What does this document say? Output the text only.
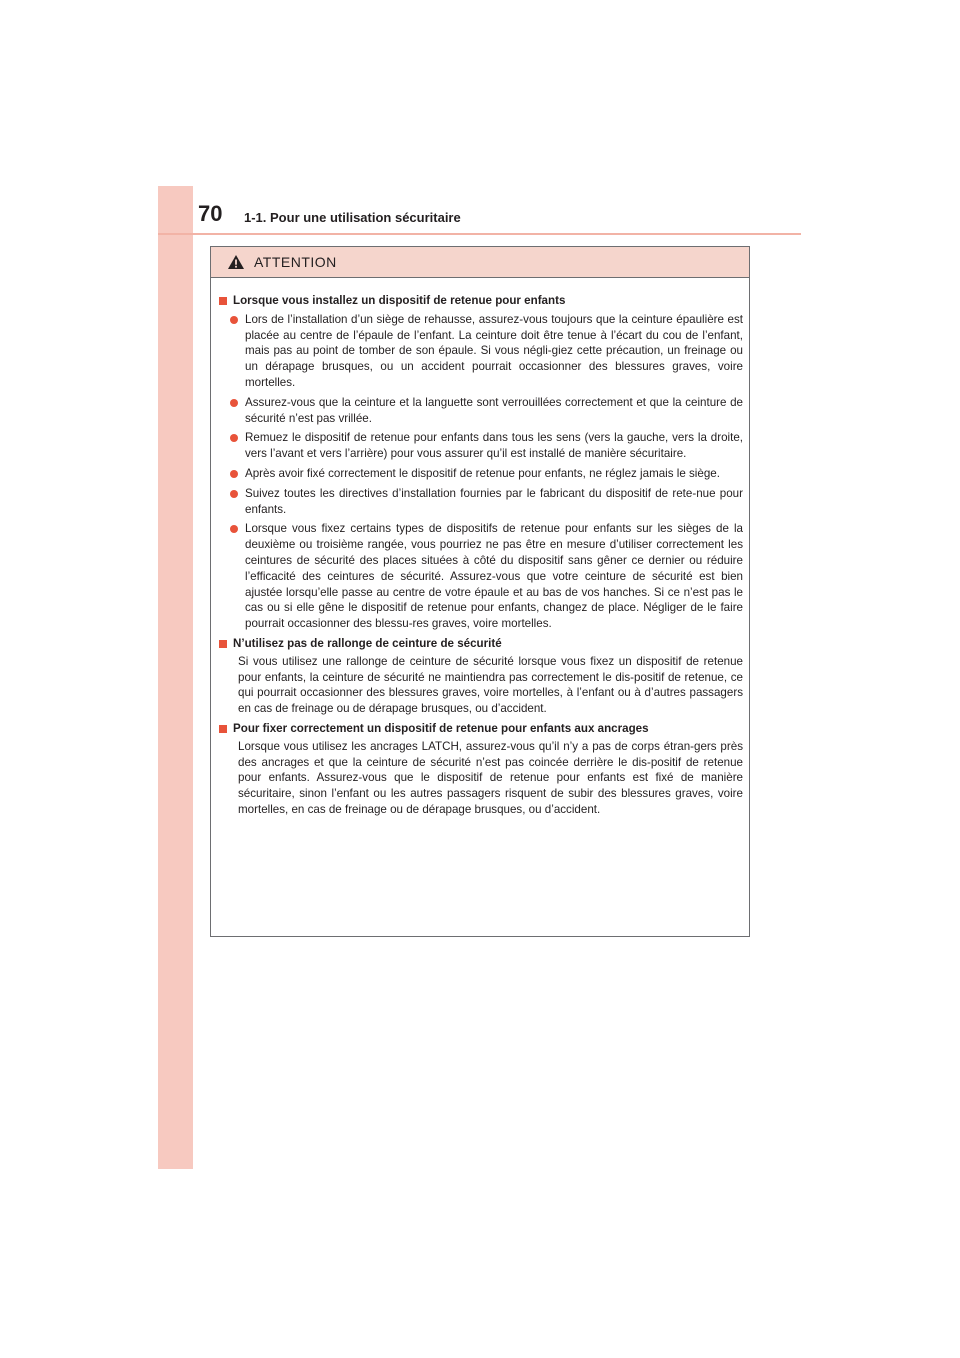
70 1-1. Pour une utilisation sécuritaire
ATTENTION
Lorsque vous installez un dispositif de retenue pour enfants
Lors de l’installation d’un siège de rehausse, assurez-vous toujours que la ceinture épaulière est placée au centre de l’épaule de l’enfant. La ceinture doit être tenue à l’écart du cou de l’enfant, mais pas au point de tomber de son épaule. Si vous négli-giez cette précaution, un freinage ou un dérapage brusques, ou un accident pourrait occasionner des blessures graves, voire mortelles.
Assurez-vous que la ceinture et la languette sont verrouillées correctement et que la ceinture de sécurité n’est pas vrillée.
Remuez le dispositif de retenue pour enfants dans tous les sens (vers la gauche, vers la droite, vers l’avant et vers l’arrière) pour vous assurer qu’il est installé de manière sécuritaire.
Après avoir fixé correctement le dispositif de retenue pour enfants, ne réglez jamais le siège.
Suivez toutes les directives d’installation fournies par le fabricant du dispositif de rete-nue pour enfants.
Lorsque vous fixez certains types de dispositifs de retenue pour enfants sur les sièges de la deuxième ou troisième rangée, vous pourriez ne pas être en mesure d’utiliser correctement les ceintures de sécurité des places situées à côté du dispositif sans gêner ce dernier ou réduire l’efficacité des ceintures de sécurité. Assurez-vous que votre ceinture de sécurité est bien ajustée lorsqu’elle passe au centre de votre épaule et au bas de vos hanches. Si ce n’est pas le cas ou si elle gêne le dispositif de retenue pour enfants, changez de place. Négliger de le faire pourrait occasionner des blessu-res graves, voire mortelles.
N’utilisez pas de rallonge de ceinture de sécurité
Si vous utilisez une rallonge de ceinture de sécurité lorsque vous fixez un dispositif de retenue pour enfants, la ceinture de sécurité ne maintiendra pas correctement le dis-positif de retenue, ce qui pourrait occasionner des blessures graves, voire mortelles, à l’enfant ou à d’autres passagers en cas de freinage ou de dérapage brusques, ou d’accident.
Pour fixer correctement un dispositif de retenue pour enfants aux ancrages
Lorsque vous utilisez les ancrages LATCH, assurez-vous qu’il n’y a pas de corps étran-gers près des ancrages et que la ceinture de sécurité n’est pas coincée derrière le dis-positif de retenue pour enfants. Assurez-vous que le dispositif de retenue pour enfants est fixé de manière sécuritaire, sinon l’enfant ou les autres passagers risquent de subir des blessures graves, voire mortelles, en cas de freinage ou de dérapage brusques, ou d’accident.
